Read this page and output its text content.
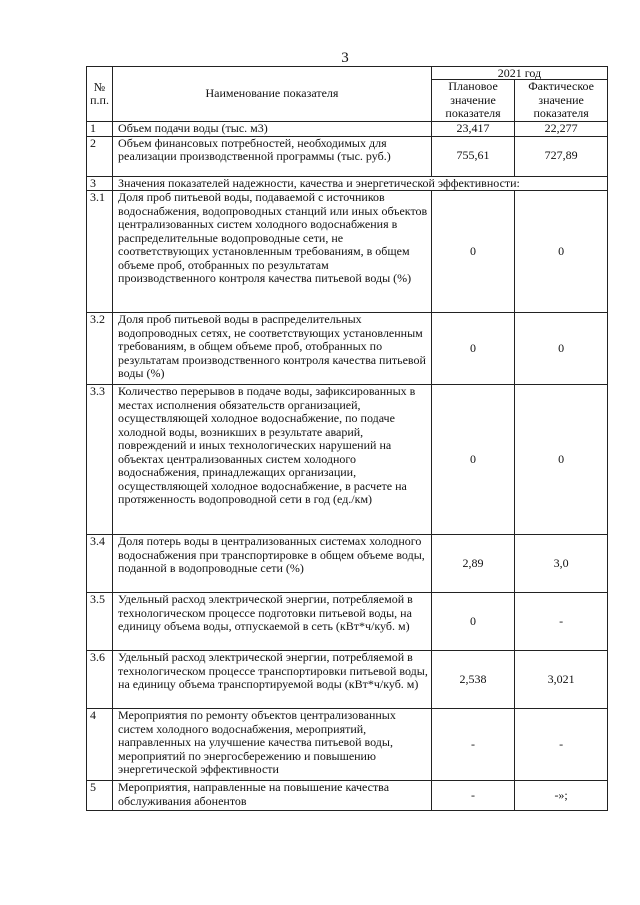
3
№ п.п.	Наименование показателя	2021 год	
		Плановое значение показателя	Фактическое значение показателя
1	Объем подачи воды (тыс. м3)	23,417	22,277
2	Объем финансовых потребностей, необходимых для реализации производственной программы (тыс. руб.)	755,61	727,89
3	Значения показателей надежности, качества и энергетической эффективности:		
3.1	Доля проб питьевой воды, подаваемой с источников водоснабжения, водопроводных станций или иных объектов централизованных систем холодного водоснабжения в распределительные водопроводные сети, не соответствующих установленным требованиям, в общем объеме проб, отобранных по результатам производственного контроля качества питьевой воды (%)	0	0
3.2	Доля проб питьевой воды в распределительных водопроводных сетях, не соответствующих установленным требованиям, в общем объеме проб, отобранных по результатам производственного контроля качества питьевой воды (%)	0	0
3.3	Количество перерывов в подаче воды, зафиксированных в местах исполнения обязательств организацией, осуществляющей холодное водоснабжение, по подаче холодной воды, возникших в результате аварий, повреждений и иных технологических нарушений на объектах централизованных систем холодного водоснабжения, принадлежащих организации, осуществляющей холодное водоснабжение, в расчете на протяженность водопроводной сети в год (ед./км)	0	0
3.4	Доля потерь воды в централизованных системах холодного водоснабжения при транспортировке в общем объеме воды, поданной в водопроводные сети (%)	2,89	3,0
3.5	Удельный расход электрической энергии, потребляемой в технологическом процессе подготовки питьевой воды, на единицу объема воды, отпускаемой в сеть (кВт*ч/куб. м)	0	-
3.6	Удельный расход электрической энергии, потребляемой в технологическом процессе транспортировки питьевой воды, на единицу объема транспортируемой воды (кВт*ч/куб. м)	2,538	3,021
4	Мероприятия по ремонту объектов централизованных систем холодного водоснабжения, мероприятий, направленных на улучшение качества питьевой воды, мероприятий по энергосбережению и повышению энергетической эффективности	-	-
5	Мероприятия, направленные на повышение качества обслуживания абонентов	-	-»;
